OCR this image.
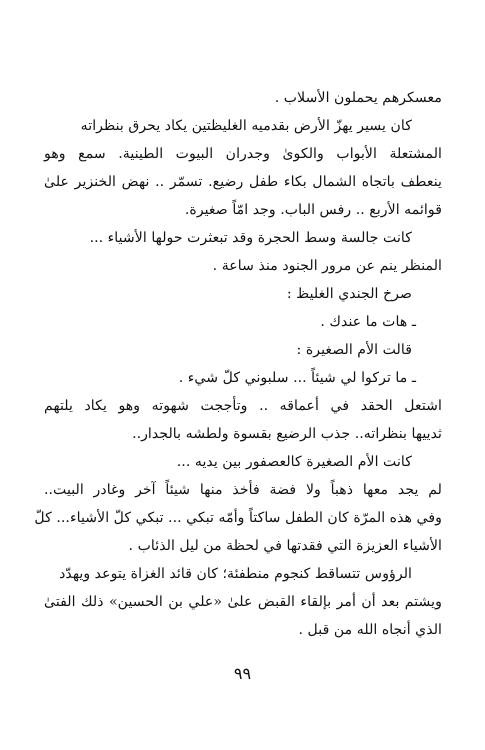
معسكرهم يحملون الأسلاب .
كان يسير يهزّ الأرض بقدميه الغليظتين يكاد يحرق بنظراته
المشتعلة الأبواب والكوىٰ وجدران البيوت الطينية. سمع وهو
ينعطف باتجاه الشمال بكاء طفل رضيع. تسمّر .. نهض الخنزير علىٰ
قوائمه الأربع .. رفس الباب. وجد امّاً صغيرة.
كانت جالسة وسط الحجرة وقد تبعثرت حولها الأشياء ...
المنظر ينم عن مرور الجنود منذ ساعة .
صرخ الجندي الغليظ :
ـ هات ما عندك .
قالت الأم الصغيرة :
ـ ما تركوا لي شيئاً ... سلبوني كلّ شيء .
اشتعل الحقد في أعماقه .. وتأججت شهوته وهو يكاد يلتهم
ثدييها بنظراته.. جذب الرضيع بقسوة ولطشه بالجدار..
كانت الأم الصغيرة كالعصفور بين يديه ...
لم يجد معها ذهباً ولا فضة فأخذ منها شيئاً آخر وغادر البيت..
وفي هذه المرّة كان الطفل ساكتاً وأمّه تبكي ... تبكي كلّ الأشياء... كلّ
الأشياء العزيزة التي فقدتها في لحظة من ليل الذئاب .
الرؤوس تتساقط كنجوم منطفئة؛ كان قائد الغزاة يتوعد ويهدّد
ويشتم بعد أن أمر بإلقاء القبض علىٰ «علي بن الحسين» ذلك الفتىٰ
الذي أنجاه الله من قبل .
٩٩
